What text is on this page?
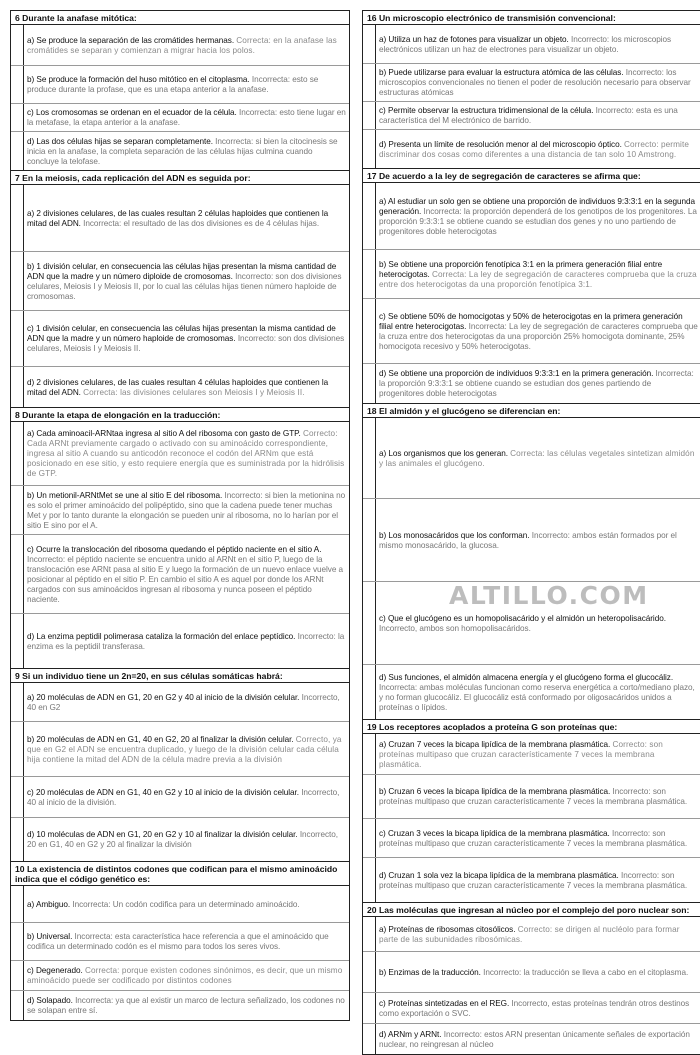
6 Durante la anafase mitótica:
a) Se produce la separación de las cromátides hermanas. Correcta: en la anafase las cromátides se separan y comienzan a migrar hacia los polos.
b) Se produce la formación del huso mitótico en el citoplasma. Incorrecta: esto se produce durante la profase, que es una etapa anterior a la anafase.
c) Los cromosomas se ordenan en el ecuador de la célula. Incorrecta: esto tiene lugar en la metafase, la etapa anterior a la anafase.
d) Las dos células hijas se separan completamente. Incorrecta: si bien la citocinesis se inicia en la anafase, la completa separación de las células hijas culmina cuando concluye la telofase.
7 En la meiosis, cada replicación del ADN es seguida por:
a) 2 divisiones celulares, de las cuales resultan 2 células haploides que contienen la mitad del ADN. Incorrecta: el resultado de las dos divisiones es de 4 células hijas.
b) 1 división celular, en consecuencia las células hijas presentan la misma cantidad de ADN que la madre y un número diploide de cromosomas. Incorrecto: son dos divisiones celulares, Meiosis I y Meiosis II, por lo cual las células hijas tienen número haploide de cromosomas.
c) 1 división celular, en consecuencia las células hijas presentan la misma cantidad de ADN que la madre y un número haploide de cromosomas. Incorrecto: son dos divisiones celulares, Meiosis I y Meiosis II.
d) 2 divisiones celulares, de las cuales resultan 4 células haploides que contienen la mitad del ADN. Correcta: las divisiones celulares son Meiosis I y Meiosis II.
8 Durante la etapa de elongación en la traducción:
a) Cada aminoacil-ARNtaa ingresa al sitio A del ribosoma con gasto de GTP. Correcto: Cada ARNt previamente cargado o activado con su aminoácido correspondiente, ingresa al sitio A cuando su anticodón reconoce el codón del ARNm que está posicionado en ese sitio, y esto requiere energía que es suministrada por la hidrólisis de GTP.
b) Un metionil-ARNtMet se une al sitio E del ribosoma. Incorrecto: si bien la metionina no es solo el primer aminoácido del polipéptido, sino que la cadena puede tener muchas Met y por lo tanto durante la elongación se pueden unir al ribosoma, no lo harían por el sitio E sino por el A.
c) Ocurre la translocación del ribosoma quedando el péptido naciente en el sitio A. Incorrecto: el péptido naciente se encuentra unido al ARNt en el sitio P, luego de la translocación ese ARNt pasa al sitio E y luego la formación de un nuevo enlace vuelve a posicionar al péptido en el sitio P. En cambio el sitio A es aquel por donde los ARNt cargados con sus aminoácidos ingresan al ribosoma y nunca poseen el péptido naciente.
d) La enzima peptidil polimerasa cataliza la formación del enlace peptídico. Incorrecto: la enzima es la peptidil transferasa.
9 Si un individuo tiene un 2n=20, en sus células somáticas habrá:
a) 20 moléculas de ADN en G1, 20 en G2 y 40 al inicio de la división celular. Incorrecto, 40 en G2
b) 20 moléculas de ADN en G1, 40 en G2, 20 al finalizar la división celular. Correcto, ya que en G2 el ADN se encuentra duplicado, y luego de la división celular cada célula hija contiene la mitad del ADN de la célula madre previa a la división
c) 20 moléculas de ADN en G1, 40 en G2 y 10 al inicio de la división celular. Incorrecto, 40 al inicio de la división.
d) 10 moléculas de ADN en G1, 20 en G2 y 10 al finalizar la división celular. Incorrecto, 20 en G1, 40 en G2 y 20 al finalizar la división
10 La existencia de distintos codones que codifican para el mismo aminoácido indica que el código genético es:
a) Ambiguo. Incorrecta: Un codón codifica para un determinado aminoácido.
b) Universal. Incorrecta: esta característica hace referencia a que el aminoácido que codifica un determinado codón es el mismo para todos los seres vivos.
c) Degenerado. Correcta: porque existen codones sinónimos, es decir, que un mismo aminoácido puede ser codificado por distintos codones
d) Solapado. Incorrecta: ya que al existir un marco de lectura señalizado, los codones no se solapan entre sí.
16 Un microscopio electrónico de transmisión convencional:
a) Utiliza un haz de fotones para visualizar un objeto. Incorrecto: los microscopios electrónicos utilizan un haz de electrones para visualizar un objeto.
b) Puede utilizarse para evaluar la estructura atómica de las células. Incorrecto: los microscopios convencionales no tienen el poder de resolución necesario para observar estructuras atómicas
c) Permite observar la estructura tridimensional de la célula. Incorrecto: esta es una característica del M electrónico de barrido.
d) Presenta un límite de resolución menor al del microscopio óptico. Correcto: permite discriminar dos cosas como diferentes a una distancia de tan solo 10 Amstrong.
17 De acuerdo a la ley de segregación de caracteres se afirma que:
a) Al estudiar un solo gen se obtiene una proporción de individuos 9:3:3:1 en la segunda generación. Incorrecta: la proporción dependerá de los genotipos de los progenitores. La proporción 9:3:3:1 se obtiene cuando se estudian dos genes y no uno partiendo de progenitores doble heterocigotas
b) Se obtiene una proporción fenotípica 3:1 en la primera generación filial entre heterocigotas. Correcta: La ley de segregación de caracteres comprueba que la cruza entre dos heterocigotas da una proporción fenotípica 3:1.
c) Se obtiene 50% de homocigotas y 50% de heterocigotas en la primera generación filial entre heterocigotas. Incorrecta: La ley de segregación de caracteres comprueba que la cruza entre dos heterocigotas da una proporción 25% homocigota dominante, 25% homocigota recesivo y 50% heterocigotas.
d) Se obtiene una proporción de individuos 9:3:3:1 en la primera generación. Incorrecta: la proporción 9:3:3:1 se obtiene cuando se estudian dos genes partiendo de progenitores doble heterocigotas
18 El almidón y el glucógeno se diferencian en:
a) Los organismos que los generan. Correcta: las células vegetales sintetizan almidón y las animales el glucógeno.
b) Los monosacáridos que los conforman. Incorrecto: ambos están formados por el mismo monosacárido, la glucosa.
c) Que el glucógeno es un homopolisacárido y el almidón un heteropolisacárido. Incorrecto, ambos son homopolisacáridos.
d) Sus funciones, el almidón almacena energía y el glucógeno forma el glucocáliz. Incorrecta: ambas moléculas funcionan como reserva energética a corto/mediano plazo, y no forman glucocáliz. El glucocáliz está conformado por oligosacáridos unidos a proteínas o lípidos.
19 Los receptores acoplados a proteína G son proteínas que:
a) Cruzan 7 veces la bicapa lipídica de la membrana plasmática. Correcto: son proteínas multipaso que cruzan característicamente 7 veces la membrana plasmática.
b) Cruzan 6 veces la bicapa lipídica de la membrana plasmática. Incorrecto: son proteínas multipaso que cruzan característicamente 7 veces la membrana plasmática.
c) Cruzan 3 veces la bicapa lipídica de la membrana plasmática. Incorrecto: son proteínas multipaso que cruzan característicamente 7 veces la membrana plasmática.
d) Cruzan 1 sola vez la bicapa lipídica de la membrana plasmática. Incorrecto: son proteínas multipaso que cruzan característicamente 7 veces la membrana plasmática.
20 Las moléculas que ingresan al núcleo por el complejo del poro nuclear son:
a) Proteínas de ribosomas citosólicos. Correcto: se dirigen al nucléolo para formar parte de las subunidades ribosómicas.
b) Enzimas de la traducción. Incorrecto: la traducción se lleva a cabo en el citoplasma.
c) Proteínas sintetizadas en el REG. Incorrecto, estas proteínas tendrán otros destinos como exportación o SVC.
d) ARNm y ARNt. Incorrecto: estos ARN presentan únicamente señales de exportación nuclear, no reingresan al núcleo
ALTILLO.COM
